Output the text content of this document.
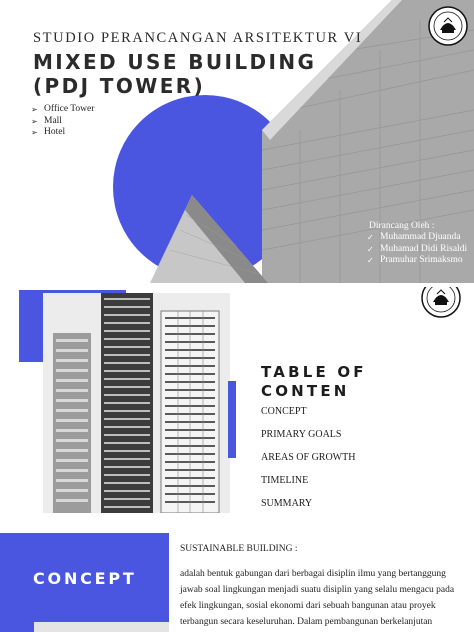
STUDIO PERANCANGAN ARSITEKTUR VI
MIXED USE BUILDING
(PDJ TOWER)
➢ Office Tower
➢ Mall
➢ Hotel
Dirancang Oleh :
✓ Muhammad Djuanda
✓ Muhamad Didi Risaldi
✓ Pramuhar Srimaksmo
TABLE OF
CONTEN
CONCEPT
PRIMARY GOALS
AREAS OF GROWTH
TIMELINE
SUMMARY
CONCEPT
SUSTAINABLE BUILDING :
adalah bentuk gabungan dari berbagai disiplin ilmu yang bertanggung
jawab soal lingkungan menjadi suatu disiplin yang selalu mengacu pada
efek lingkungan, sosial ekonomi dari sebuah bangunan atau proyek
terbangun secara keseluruhan. Dalam pembangunan berkelanjutan
